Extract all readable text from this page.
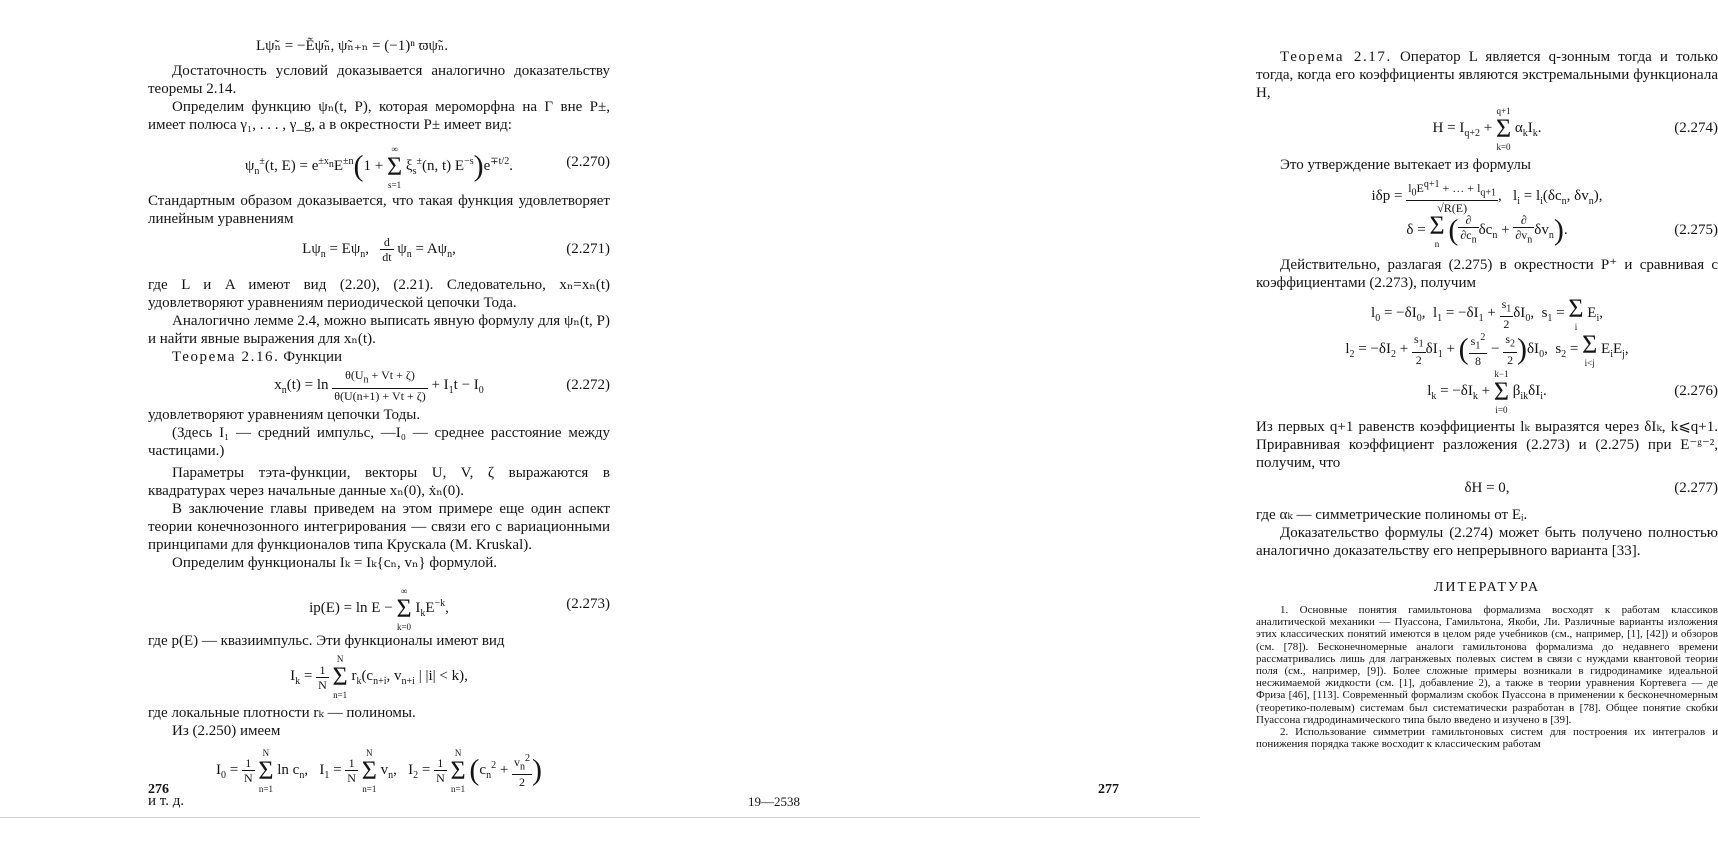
Lψ̃ₙ = −Ẽψ̃ₙ, ψ̃ₙ₊ₙ = (−1)ⁿ ϖψ̃ₙ.

Достаточность условий доказывается аналогично доказательству теоремы 2.14.

Определим функцию ψₙ(t, P), которая мероморфна на Γ вне P±, имеет полюса γ₁, . . . , γ_g, а в окрестности P± имеет вид:

$\psi_n^\pm(t$, $E) = e^{\pm x_n}E^{\pm n}(1$ +
∞
Σ
s=1
$\xi_s^\pm(n$, t) $E^{-s})e^{\mp t/2}$.	(2.270)

Стандартным образом доказывается, что такая функция удовлетворяет линейным уравнениям

$L\psi_n = E\psi_n$, $\frac{d}{dt} \psi_n = A\psi_n$,	(2.271)

где L и A имеют вид (2.20), (2.21). Следовательно, xₙ=xₙ(t) удовлетворяют уравнениям периодической цепочки Тода.

Аналогично лемме 2.4, можно выписать явную формулу для ψₙ(t, P) и найти явные выражения для xₙ(t).

Теорема 2.16. Функции

$x_n(t) = \ln \frac{\theta(U_n + Vt + \zeta)}{\theta(U(n+1) + Vt + \zeta)} + I_1t - I_0$	(2.272)

удовлетворяют уравнениям цепочки Тоды.

(Здесь I₁ — средний импульс, —I₀ — среднее расстояние между частицами.)

Параметры тэта-функции, векторы U, V, ζ выражаются в квадратурах через начальные данные xₙ(0), ẋₙ(0).

В заключение главы приведем на этом примере еще один аспект теории конечнозонного интегрирования — связи его с вариационными принципами для функционалов типа Крускала (M. Kruskal).

Определим функционалы Iₖ = Iₖ{cₙ, vₙ} формулой.

ip(E) = ln E −
∞
Σ
k=0
$I_kE^{-k}$,	(2.273)

где p(E) — квазиимпульс. Эти функционалы имеют вид

$I_k = \frac{1}{N}$

N
Σ
n=1
$r_k(c_{n+i}$, $v_{n+i}$ | |i| < k),

где локальные плотности rₖ — полиномы.

Из (2.250) имеем

$I_0 = \frac{1}{N}$

N
Σ
n=1
$\ln c_n$,   $I_1 = \frac{1}{N}$

N
Σ
n=1
$v_n$,   $I_2 = \frac{1}{N}$

N
Σ
n=1
($c_n^2 + \frac{v_n^2}{2}$ )

и т. д.

276

Теорема 2.17. Оператор L является q-зонным тогда и только тогда, когда его коэффициенты являются экстремальными функционала H,

$H = I_{q+2}$ +
q+1
Σ
k=0
$\alpha_kI_k$.	(2.274)

Это утверждение вытекает из формулы

$i\delta p = \frac{l_0E^{q+1} + \dots + l_{q+1}}{√R(E)}$ ,   $l_i = l_i(\delta c_n$, $\delta v_n$),
δ = Σ
n ( $\frac{\partial}{\partial c_n} \delta c_n + \frac{\partial}{\partial v_n} \delta v_n$).	(2.275)

Действительно, разлагая (2.275) в окрестности P⁺ и сравнивая с коэффициентами (2.273), получим

$l_0 = -\delta I_0$,  $l_1 = -\delta I_1 + \frac{s_1}{2} \delta I_0$,  $s_1 = \Sigma$
i
$E_i$,
$l_2 = -\delta I_2 + \frac{s_1}{2} \delta I_1$ + ( $\frac{s_1^2}{8} - \frac{s_2}{2} )\delta I_0$,  $s_2 = \Sigma$
i<j
$E_iE_j$,
$l_k = -\delta I_k$ +
k−1
Σ
i=0
$\beta_{ik}\delta I_i$.	(2.276)

Из первых q+1 равенств коэффициенты lₖ выразятся через δIₖ, k⩽q+1. Приравнивая коэффициент разложения (2.273) и (2.275) при E⁻ᵍ⁻², получим, что

δH = 0,	(2.277)

где αₖ — симметрические полиномы от Eᵢ.

Доказательство формулы (2.274) может быть получено полностью аналогично доказательству его непрерывного варианта [33].

ЛИТЕРАТУРА

1. Основные понятия гамильтонова формализма восходят к работам классиков аналитической механики — Пуассона, Гамильтона, Якоби, Ли. Различные варианты изложения этих классических понятий имеются в целом ряде учебников (см., например, [1], [42]) и обзоров (см. [78]). Бесконечномерные аналоги гамильтонова формализма до недавнего времени рассматривались лишь для лагранжевых полевых систем в связи с нуждами квантовой теории поля (см., например, [9]). Более сложные примеры возникали в гидродинамике идеальной несжимаемой жидкости (см. [1], добавление 2), а также в теории уравнения Кортевега — де Фриза [46], [113]. Современный формализм скобок Пуассона в применении к бесконечномерным (теоретико-полевым) системам был систематически разработан в [78]. Общее понятие скобки Пуассона гидродинамического типа было введено и изучено в [39].

2. Использование симметрии гамильтоновых систем для построения их интегралов и понижения порядка также восходит к классическим работам

19—2538
277
